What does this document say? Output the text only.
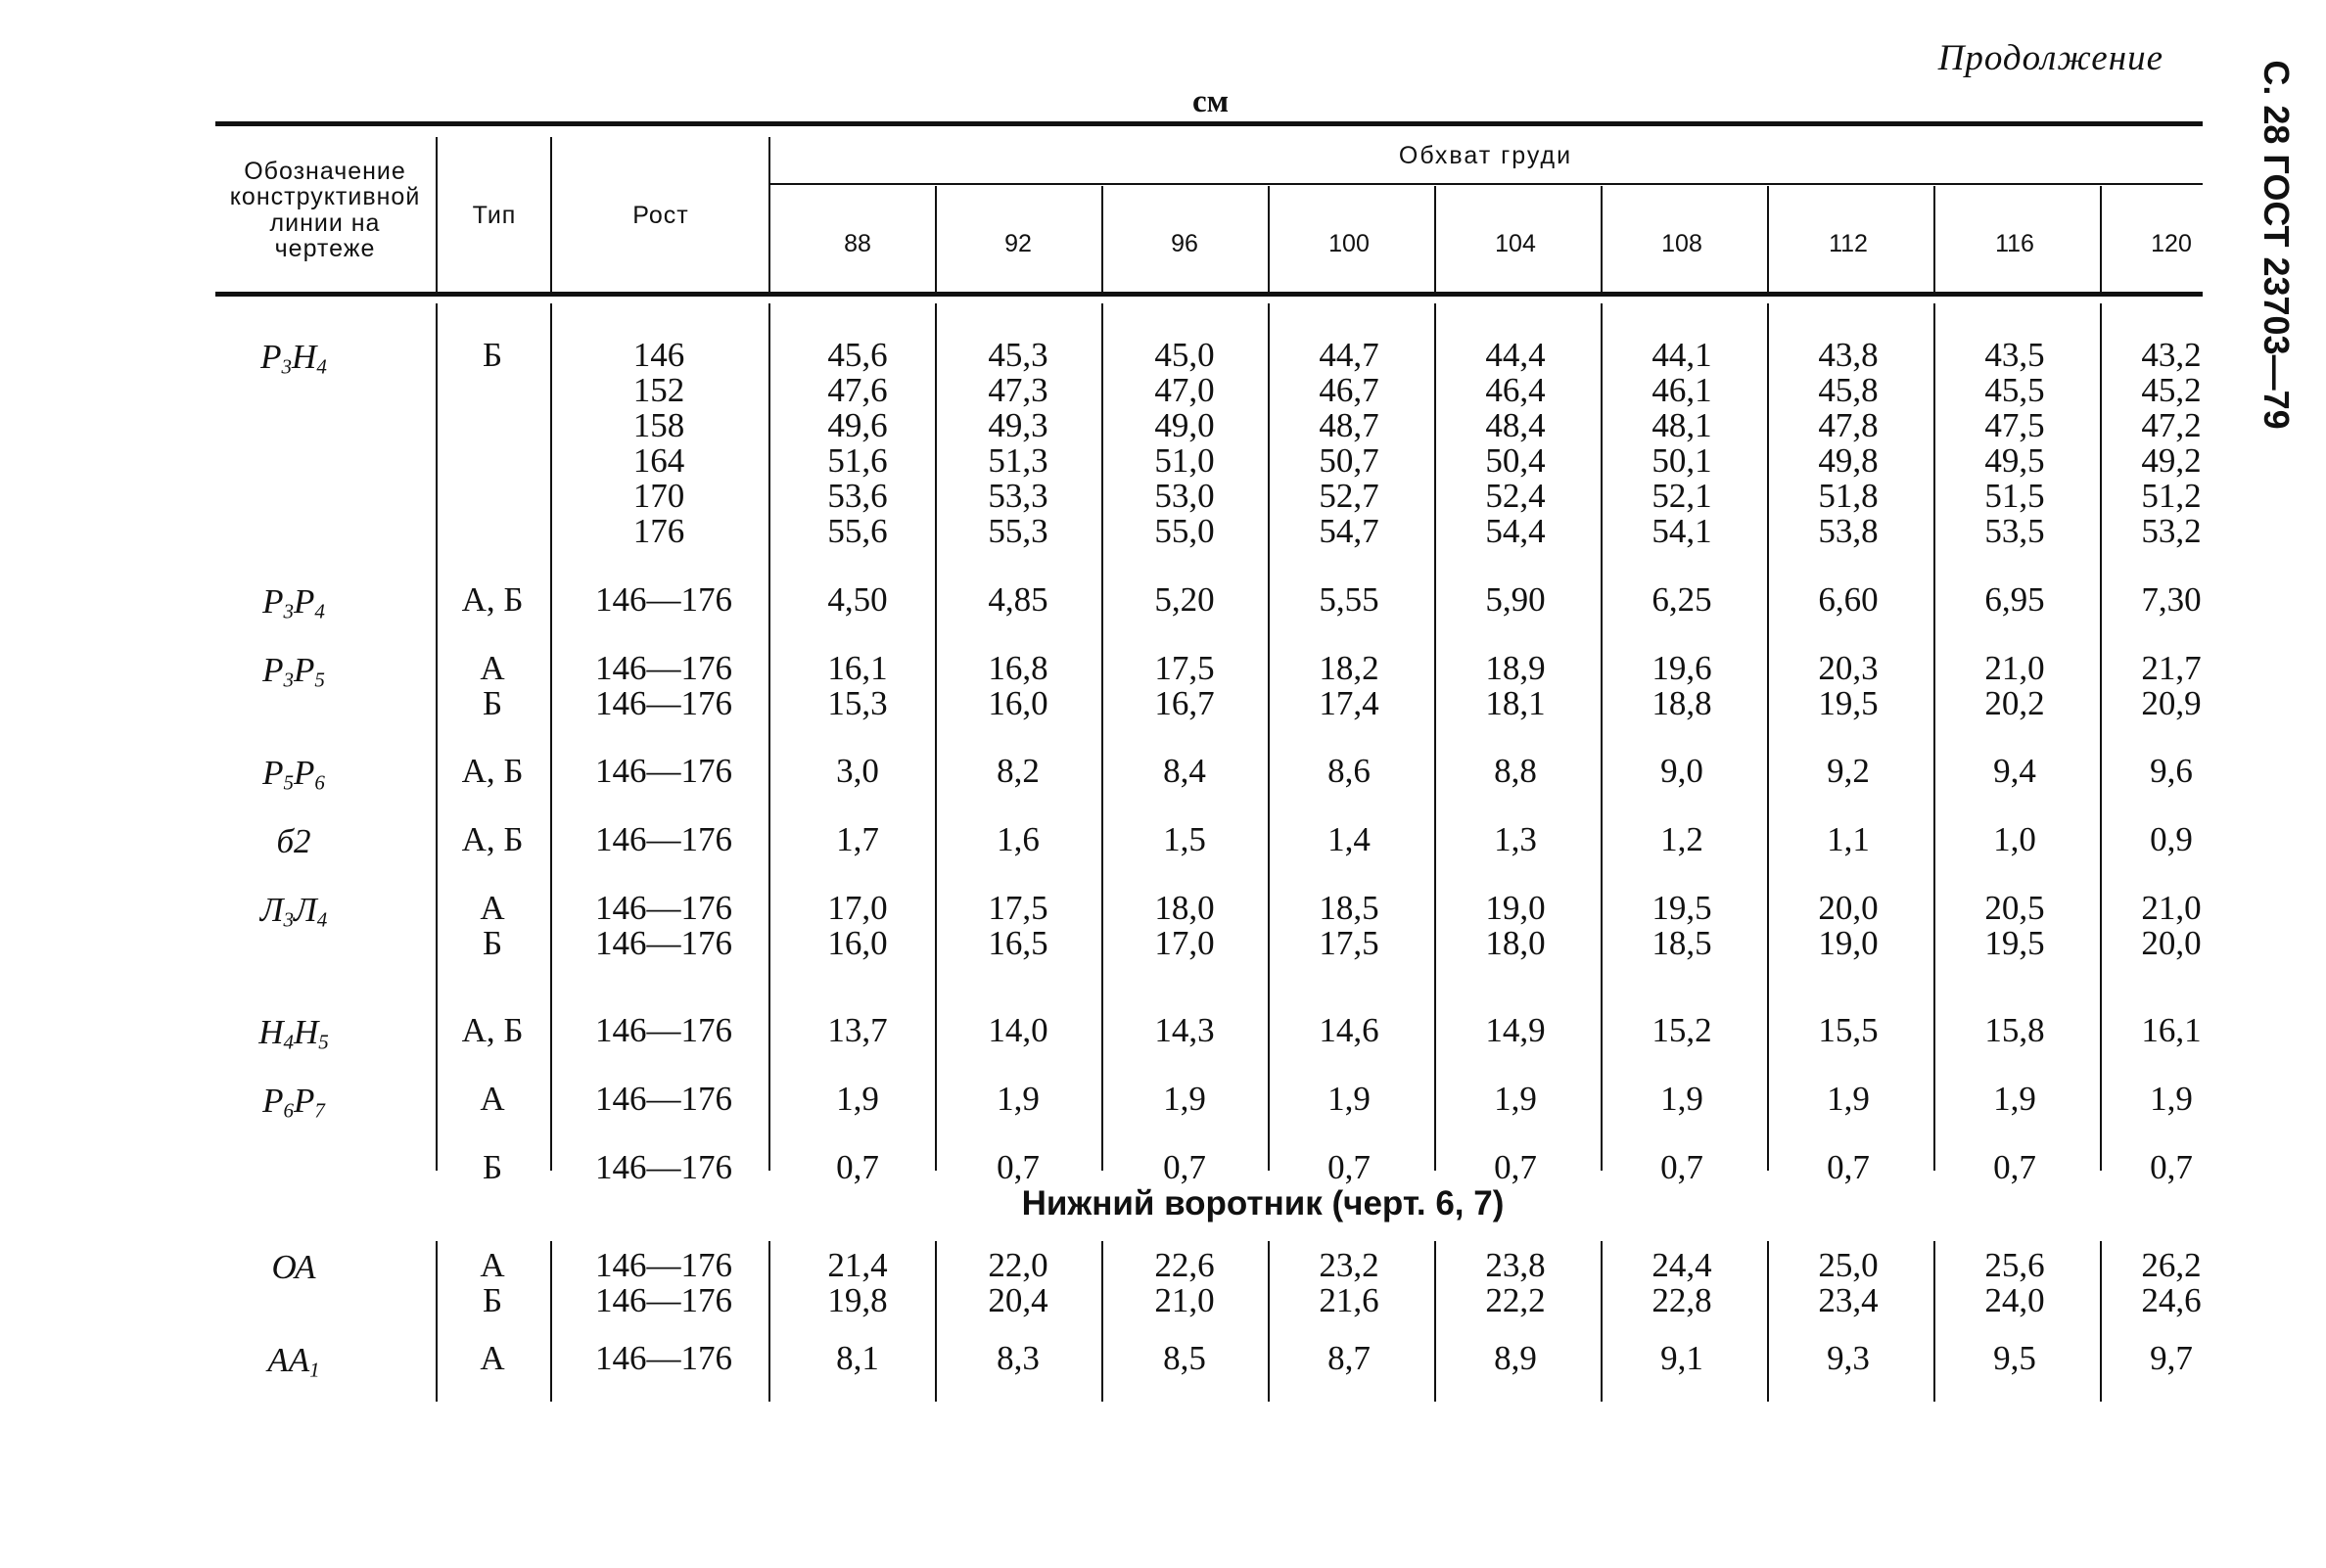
Продолжение
С. 28 ГОСТ 23703—79
см
Обозначение конструктивной линии на чертеже
Тип	Рост
Обхват груди
88	92	96	100	104	108	112	116	120
$Р_3Н_4$	Б	146	45,6	45,3	45,0	44,7	44,4	44,1	43,8	43,5	43,2
152	47,6	47,3	47,0	46,7	46,4	46,1	45,8	45,5	45,2
158	49,6	49,3	49,0	48,7	48,4	48,1	47,8	47,5	47,2
164	51,6	51,3	51,0	50,7	50,4	50,1	49,8	49,5	49,2
170	53,6	53,3	53,0	52,7	52,4	52,1	51,8	51,5	51,2
176	55,6	55,3	55,0	54,7	54,4	54,1	53,8	53,5	53,2
$Р_3Р_4$	А, Б	146—176	4,50	4,85	5,20	5,55	5,90	6,25	6,60	6,95	7,30
$Р_3Р_5$	А	146—176	16,1	16,8	17,5	18,2	18,9	19,6	20,3	21,0	21,7
Б	146—176	15,3	16,0	16,7	17,4	18,1	18,8	19,5	20,2	20,9
$Р_5Р_6$	А, Б	146—176	3,0	8,2	8,4	8,6	8,8	9,0	9,2	9,4	9,6
б2	А, Б	146—176	1,7	1,6	1,5	1,4	1,3	1,2	1,1	1,0	0,9
$Л_3Л_4$	А	146—176	17,0	17,5	18,0	18,5	19,0	19,5	20,0	20,5	21,0
Б	146—176	16,0	16,5	17,0	17,5	18,0	18,5	19,0	19,5	20,0
$Н_4Н_5$	А, Б	146—176	13,7	14,0	14,3	14,6	14,9	15,2	15,5	15,8	16,1
$Р_6Р_7$	А	146—176	1,9	1,9	1,9	1,9	1,9	1,9	1,9	1,9	1,9
Б	146—176	0,7	0,7	0,7	0,7	0,7	0,7	0,7	0,7	0,7
ОА	А	146—176	21,4	22,0	22,6	23,2	23,8	24,4	25,0	25,6	26,2
Б	146—176	19,8	20,4	21,0	21,6	22,2	22,8	23,4	24,0	24,6
$АА_1$	А	146—176	8,1	8,3	8,5	8,7	8,9	9,1	9,3	9,5	9,7
Нижний воротник (черт. 6, 7)
